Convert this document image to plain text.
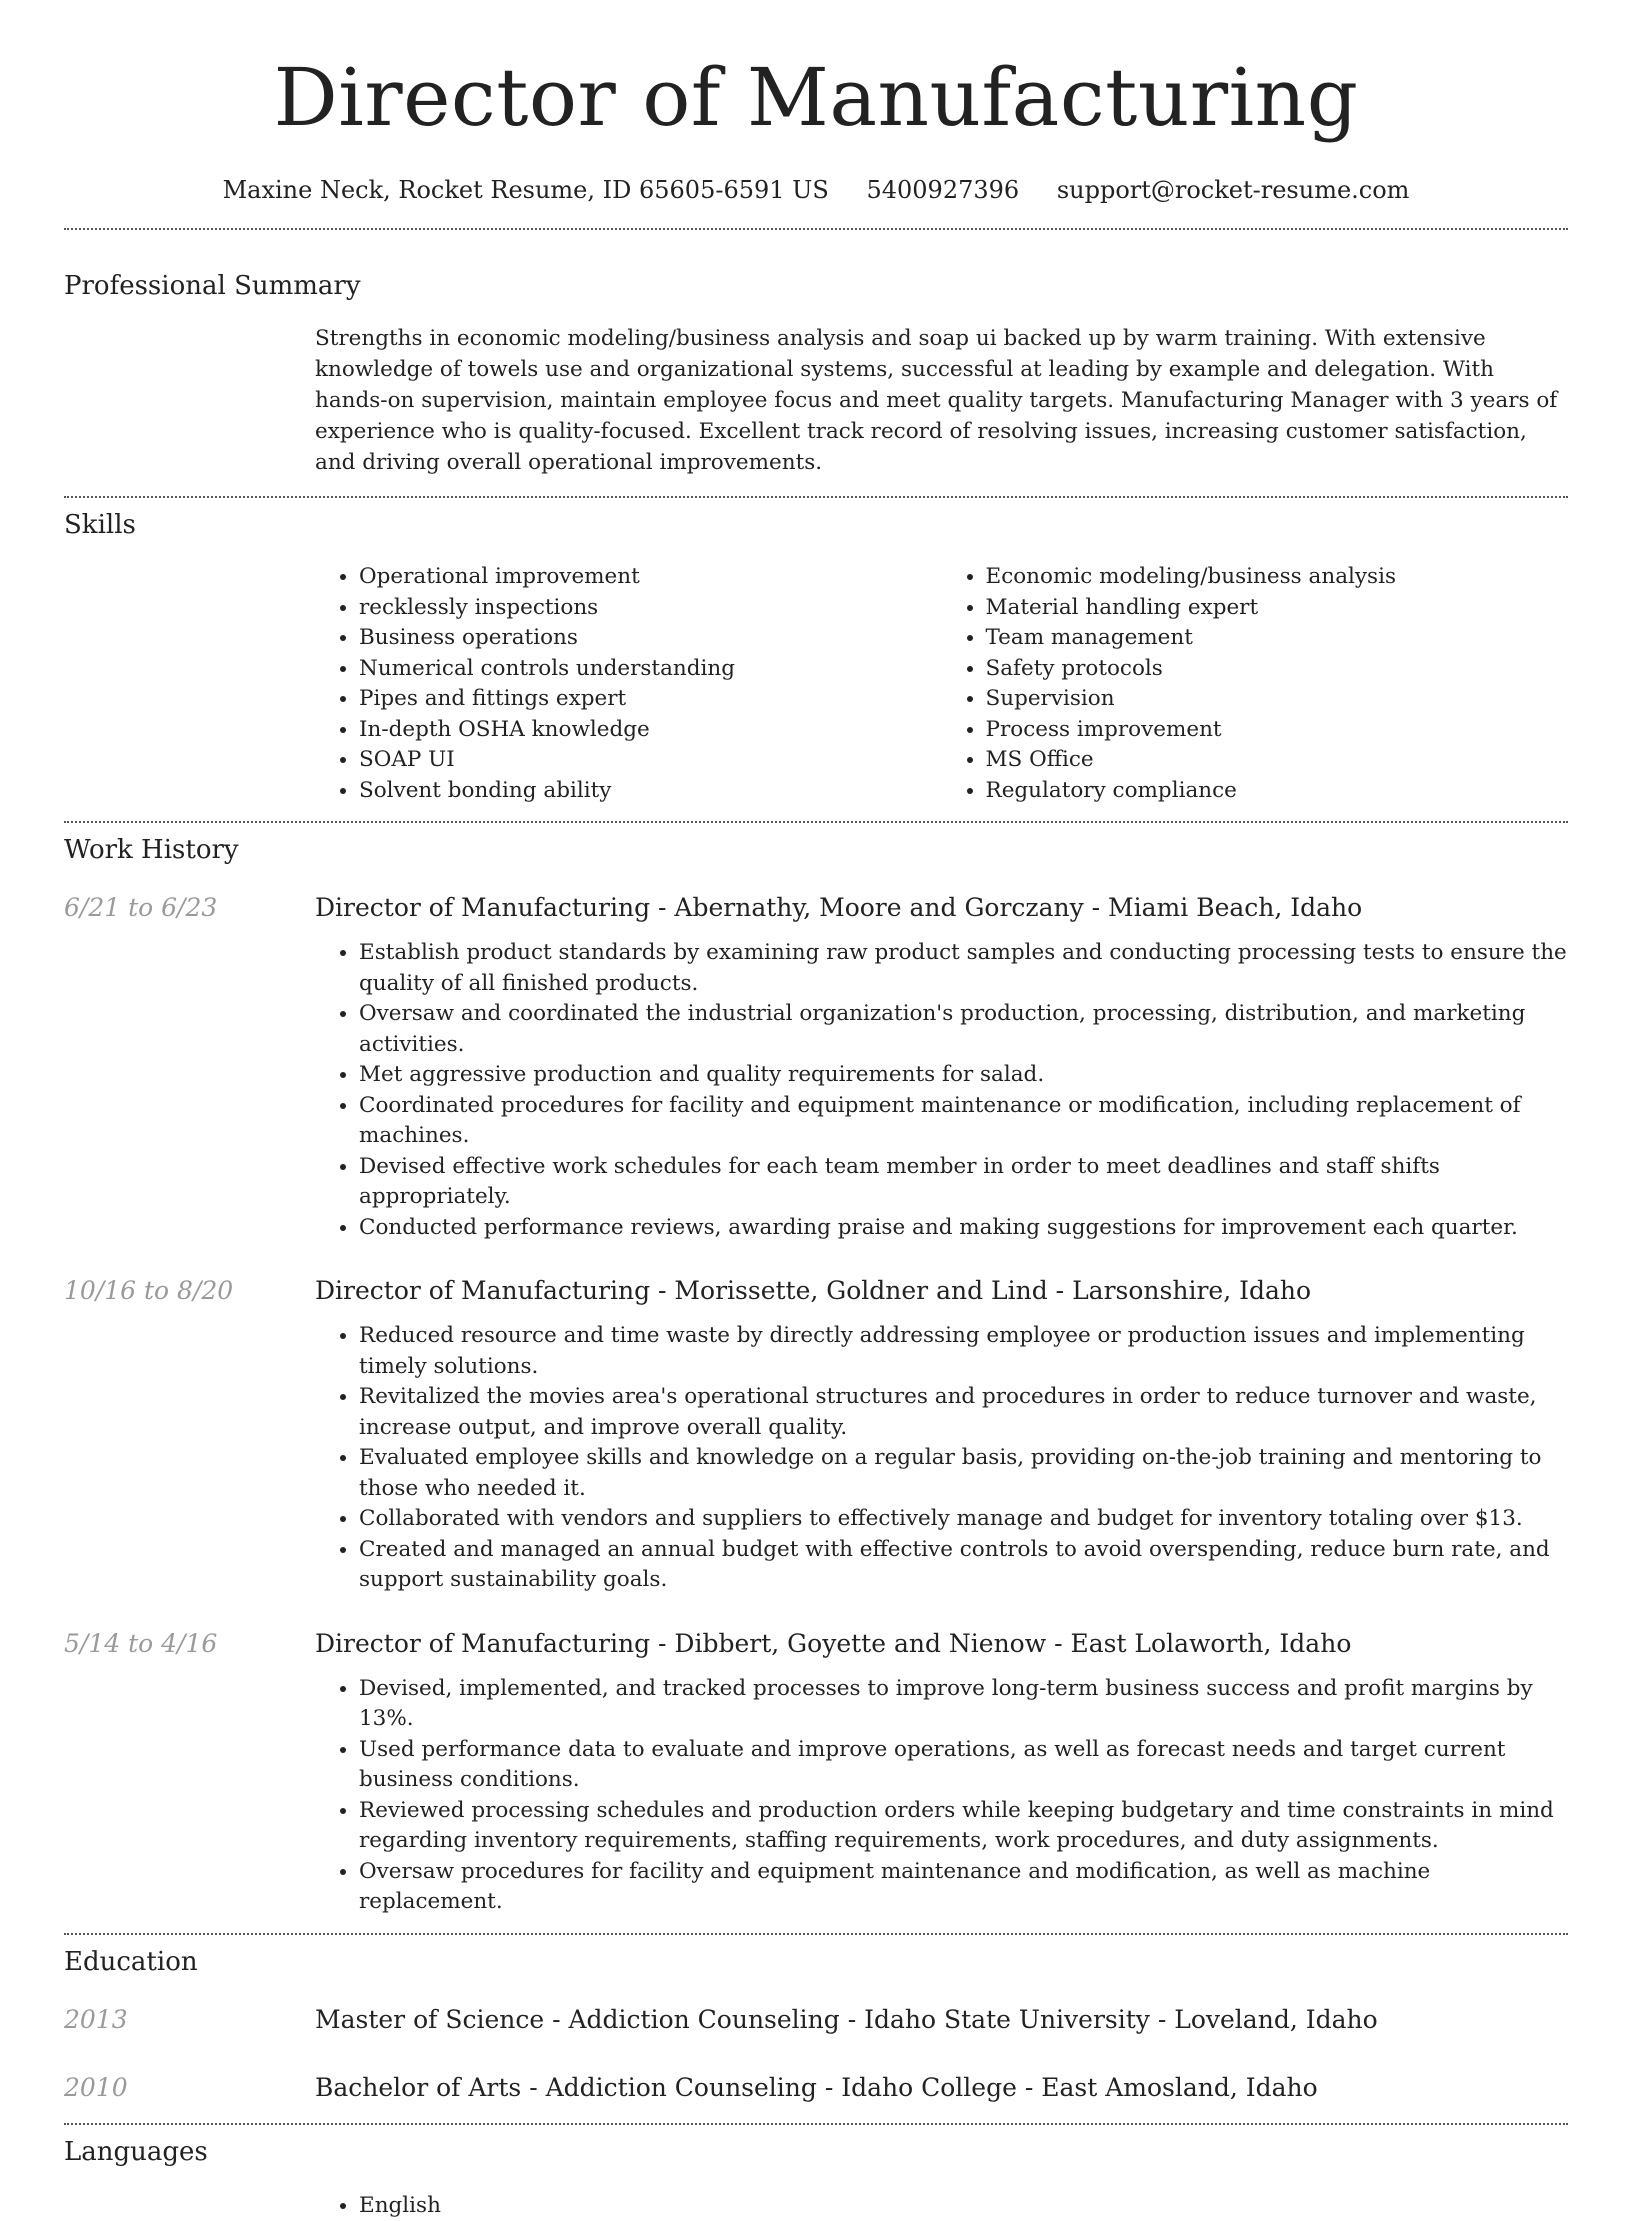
Director of Manufacturing
Maxine Neck, Rocket Resume, ID 65605-6591 US 5400927396 support@rocket-resume.com
Professional Summary
Strengths in economic modeling/business analysis and soap ui backed up by warm training. With extensive knowledge of towels use and organizational systems, successful at leading by example and delegation. With hands-on supervision, maintain employee focus and meet quality targets. Manufacturing Manager with 3 years of experience who is quality-focused. Excellent track record of resolving issues, increasing customer satisfaction, and driving overall operational improvements.
Skills
• Operational improvement
• recklessly inspections
• Business operations
• Numerical controls understanding
• Pipes and fittings expert
• In-depth OSHA knowledge
• SOAP UI
• Solvent bonding ability
• Economic modeling/business analysis
• Material handling expert
• Team management
• Safety protocols
• Supervision
• Process improvement
• MS Office
• Regulatory compliance
Work History
6/21 to 6/23	Director of Manufacturing - Abernathy, Moore and Gorczany - Miami Beach, Idaho
• Establish product standards by examining raw product samples and conducting processing tests to ensure the quality of all finished products.
• Oversaw and coordinated the industrial organization's production, processing, distribution, and marketing activities.
• Met aggressive production and quality requirements for salad.
• Coordinated procedures for facility and equipment maintenance or modification, including replacement of machines.
• Devised effective work schedules for each team member in order to meet deadlines and staff shifts appropriately.
• Conducted performance reviews, awarding praise and making suggestions for improvement each quarter.
10/16 to 8/20	Director of Manufacturing - Morissette, Goldner and Lind - Larsonshire, Idaho
• Reduced resource and time waste by directly addressing employee or production issues and implementing timely solutions.
• Revitalized the movies area's operational structures and procedures in order to reduce turnover and waste, increase output, and improve overall quality.
• Evaluated employee skills and knowledge on a regular basis, providing on-the-job training and mentoring to those who needed it.
• Collaborated with vendors and suppliers to effectively manage and budget for inventory totaling over $13.
• Created and managed an annual budget with effective controls to avoid overspending, reduce burn rate, and support sustainability goals.
5/14 to 4/16	Director of Manufacturing - Dibbert, Goyette and Nienow - East Lolaworth, Idaho
• Devised, implemented, and tracked processes to improve long-term business success and profit margins by 13%.
• Used performance data to evaluate and improve operations, as well as forecast needs and target current business conditions.
• Reviewed processing schedules and production orders while keeping budgetary and time constraints in mind regarding inventory requirements, staffing requirements, work procedures, and duty assignments.
• Oversaw procedures for facility and equipment maintenance and modification, as well as machine replacement.
Education
2013	Master of Science - Addiction Counseling - Idaho State University - Loveland, Idaho
2010	Bachelor of Arts - Addiction Counseling - Idaho College - East Amosland, Idaho
Languages
• English
